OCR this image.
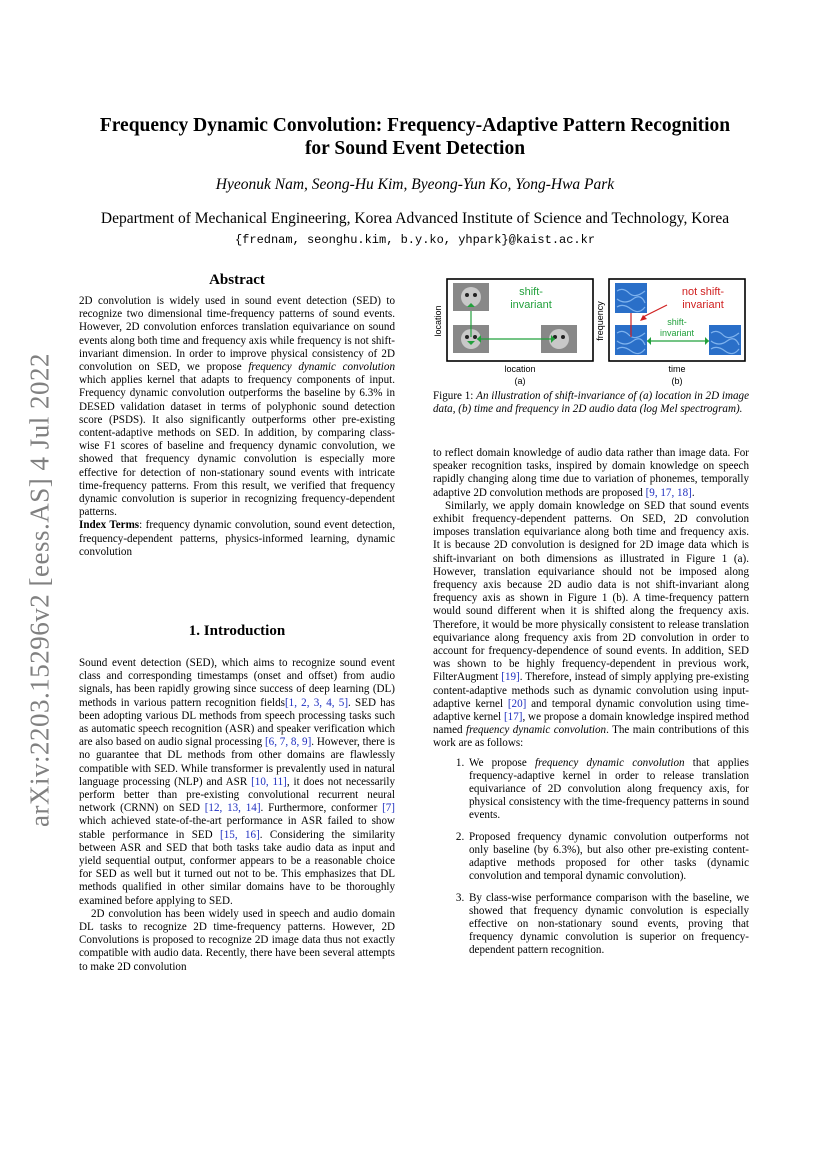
arXiv:2203.15296v2 [eess.AS] 4 Jul 2022
Frequency Dynamic Convolution: Frequency-Adaptive Pattern Recognition
for Sound Event Detection
Hyeonuk Nam, Seong-Hu Kim, Byeong-Yun Ko, Yong-Hwa Park
Department of Mechanical Engineering, Korea Advanced Institute of Science and Technology, Korea
{frednam, seonghu.kim, b.y.ko, yhpark}@kaist.ac.kr
Abstract

2D convolution is widely used in sound event detection (SED) to recognize two dimensional time-frequency patterns of sound events. However, 2D convolution enforces translation equivariance on sound events along both time and frequency axis while frequency is not shift-invariant dimension. In order to improve physical consistency of 2D convolution on SED, we propose frequency dynamic convolution which applies kernel that adapts to frequency components of input. Frequency dynamic convolution outperforms the baseline by 6.3% in DESED validation dataset in terms of polyphonic sound detection score (PSDS). It also significantly outperforms other pre-existing content-adaptive methods on SED. In addition, by comparing class-wise F1 scores of baseline and frequency dynamic convolution, we showed that frequency dynamic convolution is especially more effective for detection of non-stationary sound events with intricate time-frequency patterns. From this result, we verified that frequency dynamic convolution is superior in recognizing frequency-dependent patterns.

Index Terms: frequency dynamic convolution, sound event detection, frequency-dependent patterns, physics-informed learning, dynamic convolution

1. Introduction

Sound event detection (SED), which aims to recognize sound event class and corresponding timestamps (onset and offset) from audio signals, has been rapidly growing since success of deep learning (DL) methods in various pattern recognition fields[1, 2, 3, 4, 5]. SED has been adopting various DL methods from speech processing tasks such as automatic speech recognition (ASR) and speaker verification which are also based on audio signal processing [6, 7, 8, 9]. However, there is no guarantee that DL methods from other domains are flawlessly compatible with SED. While transformer is prevalently used in natural language processing (NLP) and ASR [10, 11], it does not necessarily perform better than pre-existing convolutional recurrent neural network (CRNN) on SED [12, 13, 14]. Furthermore, conformer [7] which achieved state-of-the-art performance in ASR failed to show stable performance in SED [15, 16]. Considering the similarity between ASR and SED that both tasks take audio data as input and yield sequential output, conformer appears to be a reasonable choice for SED as well but it turned out not to be. This emphasizes that DL methods qualified in other similar domains have to be thoroughly examined before applying to SED.

2D convolution has been widely used in speech and audio domain DL tasks to recognize 2D time-frequency patterns. However, 2D Convolutions is proposed to recognize 2D image data thus not exactly compatible with audio data. Recently, there have been several attempts to make 2D convolution

shift-
invariant
location
location
(a)
not shift-
invariant
shift-
invariant
frequency
time
(b)
Figure 1: An illustration of shift-invariance of (a) location in 2D image data, (b) time and frequency in 2D audio data (log Mel spectrogram).

to reflect domain knowledge of audio data rather than image data. For speaker recognition tasks, inspired by domain knowledge on speech rapidly changing along time due to variation of phonemes, temporally adaptive 2D convolution methods are proposed [9, 17, 18].

Similarly, we apply domain knowledge on SED that sound events exhibit frequency-dependent patterns. On SED, 2D convolution imposes translation equivariance along both time and frequency axis. It is because 2D convolution is designed for 2D image data which is shift-invariant on both dimensions as illustrated in Figure 1 (a). However, translation equivariance should not be imposed along frequency axis because 2D audio data is not shift-invariant along frequency axis as shown in Figure 1 (b). A time-frequency pattern would sound different when it is shifted along the frequency axis. Therefore, it would be more physically consistent to release translation equivariance along frequency axis from 2D convolution in order to account for frequency-dependence of sound events. In addition, SED was shown to be highly frequency-dependent in previous work, FilterAugment [19]. Therefore, instead of simply applying pre-existing content-adaptive methods such as dynamic convolution using input-adaptive kernel [20] and temporal dynamic convolution using time-adaptive kernel [17], we propose a domain knowledge inspired method named frequency dynamic convolution. The main contributions of this work are as follows:

1. We propose frequency dynamic convolution that applies frequency-adaptive kernel in order to release translation equivariance of 2D convolution along frequency axis, for physical consistency with the time-frequency patterns in sound events.
2. Proposed frequency dynamic convolution outperforms not only baseline (by 6.3%), but also other pre-existing content-adaptive methods proposed for other tasks (dynamic convolution and temporal dynamic convolution).
3. By class-wise performance comparison with the baseline, we showed that frequency dynamic convolution is especially effective on non-stationary sound events, proving that frequency dynamic convolution is superior on frequency-dependent pattern recognition.
